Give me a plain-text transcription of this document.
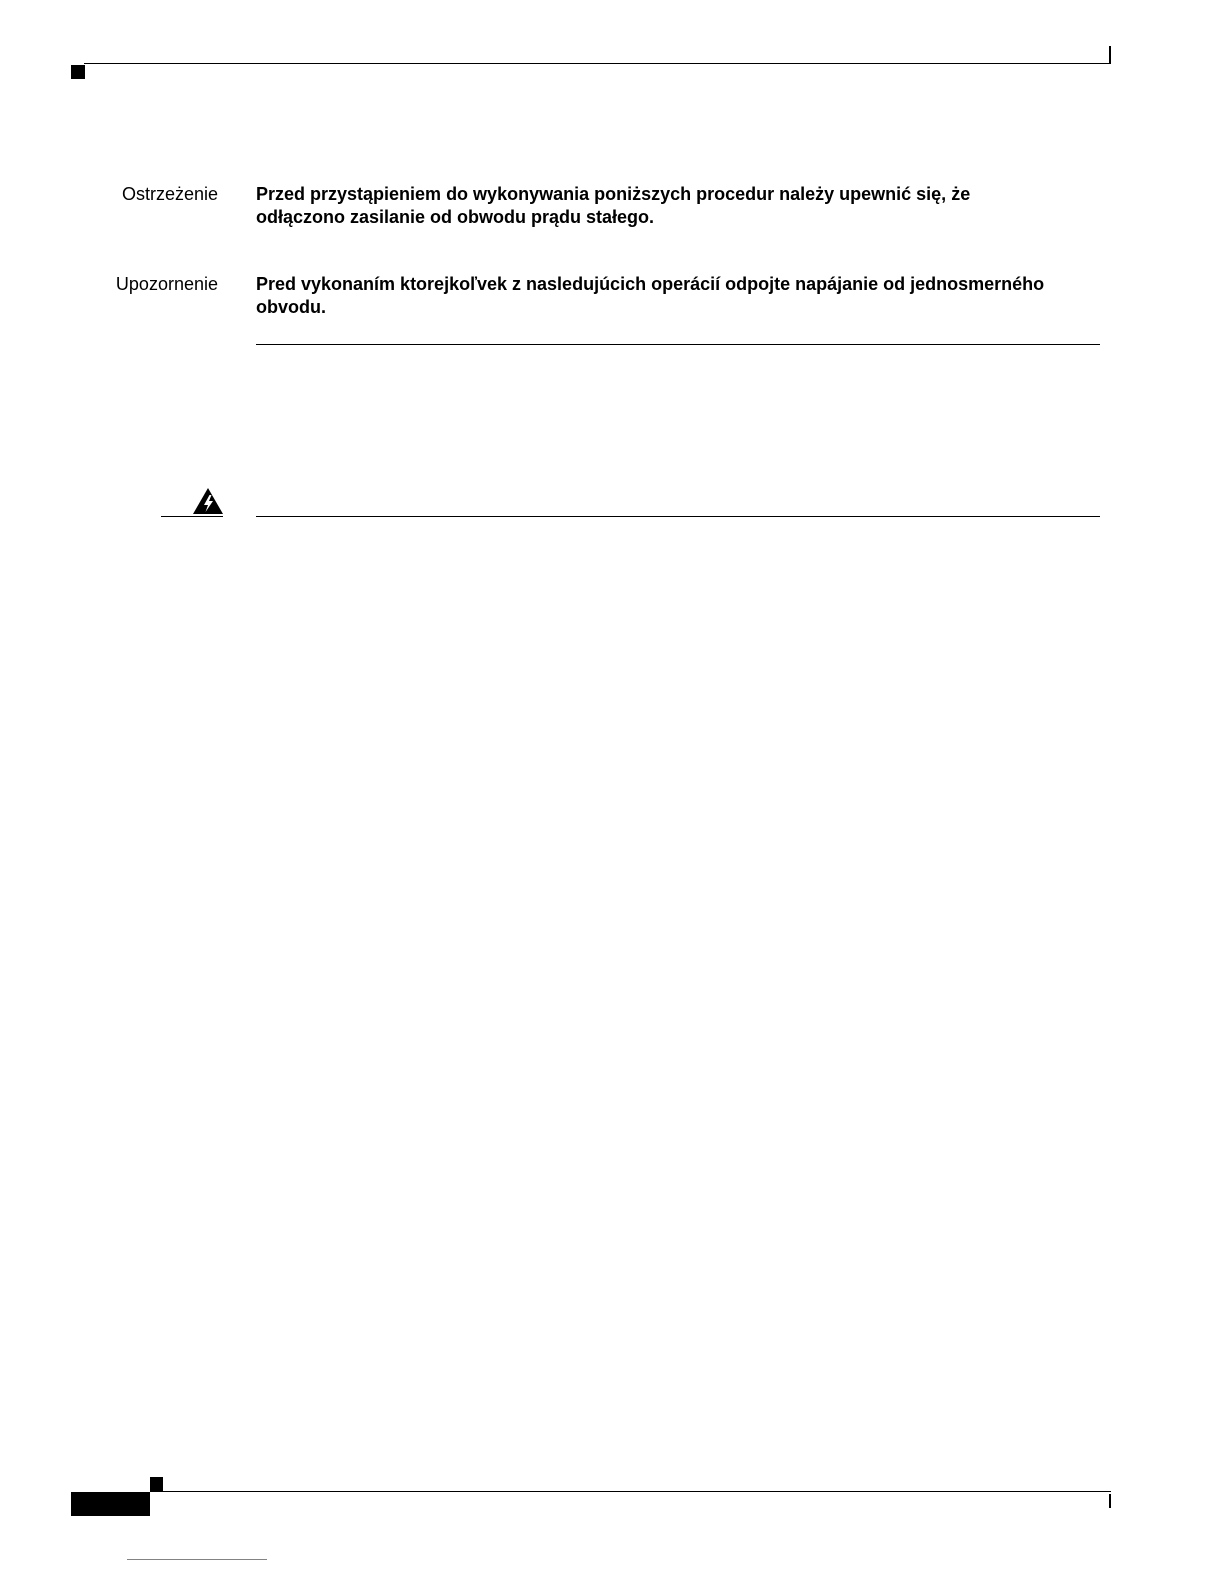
Ostrzeżenie Przed przystąpieniem do wykonywania poniższych procedur należy upewnić się, że
odłączono zasilanie od obwodu prądu stałego.
Upozornenie Pred vykonaním ktorejkoľvek z nasledujúcich operácií odpojte napájanie od jednosmerného
obvodu.
